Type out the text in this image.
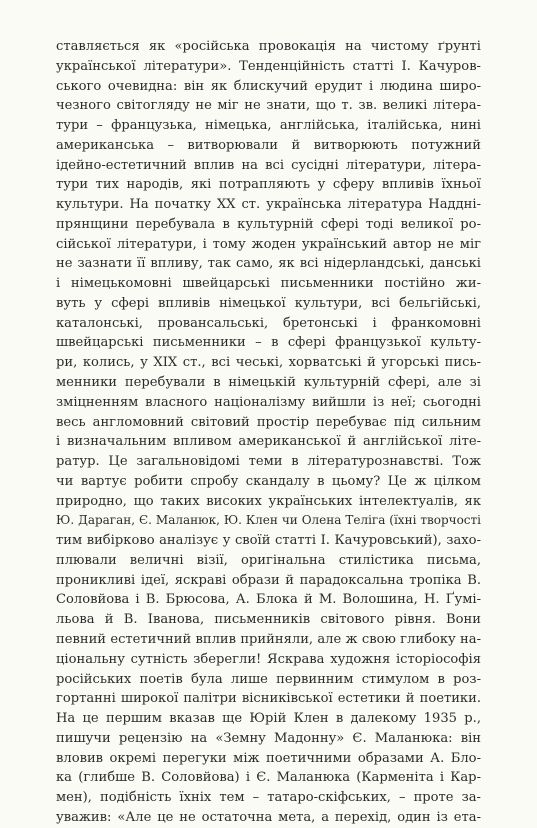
ставляється як «російська провокація на чистому ґрунті
української літератури». Тенденційність статті І. Качуров-
ського очевидна: він як блискучий ерудит і людина широ-
чезного світогляду не міг не знати, що т. зв. великі літера-
тури – французька, німецька, англійська, італійська, нині
американська – витворювали й витворюють потужний
ідейно-естетичний вплив на всі сусідні літератури, літера-
тури тих народів, які потрапляють у сферу впливів їхньої
культури. На початку ХХ ст. українська література Наддні-
прянщини перебувала в культурній сфері тодi великої ро-
сійської літератури, і тому жоден український автор не міг
не зазнати її впливу, так само, як всі нідерландські, данські
і німецькомовні швейцарські письменники постійно жи-
вуть у сфері впливів німецької культури, всі бельгійські,
каталонські, провансальські, бретонські і франкомовні
швейцарські письменники – в сфері французької культу-
ри, колись, у XIX ст., всі чеські, хорватські й угорські пись-
менники перебували в німецькій культурній сфері, але зі
зміцненням власного націоналізму вийшли із неї; сьогодні
весь англомовний світовий простір перебуває під сильним
і визначальним впливом американської й англійської літе-
ратур. Це загальновідомі теми в літературознавстві. Тож
чи вартує робити спробу скандалу в цьому? Це ж цілком
природно, що таких високих українських інтелектуалів, як
Ю. Дараган, Є. Маланюк, Ю. Клен чи Олена Теліга (їхні творчості
тим вибірково аналізує у своїй статті І. Качуровський), захо-
плювали величні візії, оригінальна стилістика письма,
проникливі ідеї, яскраві образи й парадоксальна тропіка В.
Соловйова і В. Брюсова, А. Блока й М. Волошина, Н. Ґумі-
льова й В. Іванова, письменників світового рівня. Вони
певний естетичний вплив прийняли, але ж свою глибоку на-
ціональну сутність зберегли! Яскрава художня історіософія
російських поетів була лише первинним стимулом в роз-
гортанні широкої палітри вісниківської естетики й поетики.
На це першим вказав ще Юрій Клен в далекому 1935 р.,
пишучи рецензію на «Земну Мадонну» Є. Маланюка: він
вловив окремі перегуки між поетичними образами А. Бло-
ка (глибше В. Соловйова) і Є. Маланюка (Карменіта і Кар-
мен), подібність їхніх тем – татаро-скіфських, – проте за-
уважив: «Але це не остаточна мета, а перехід, один із ета-
